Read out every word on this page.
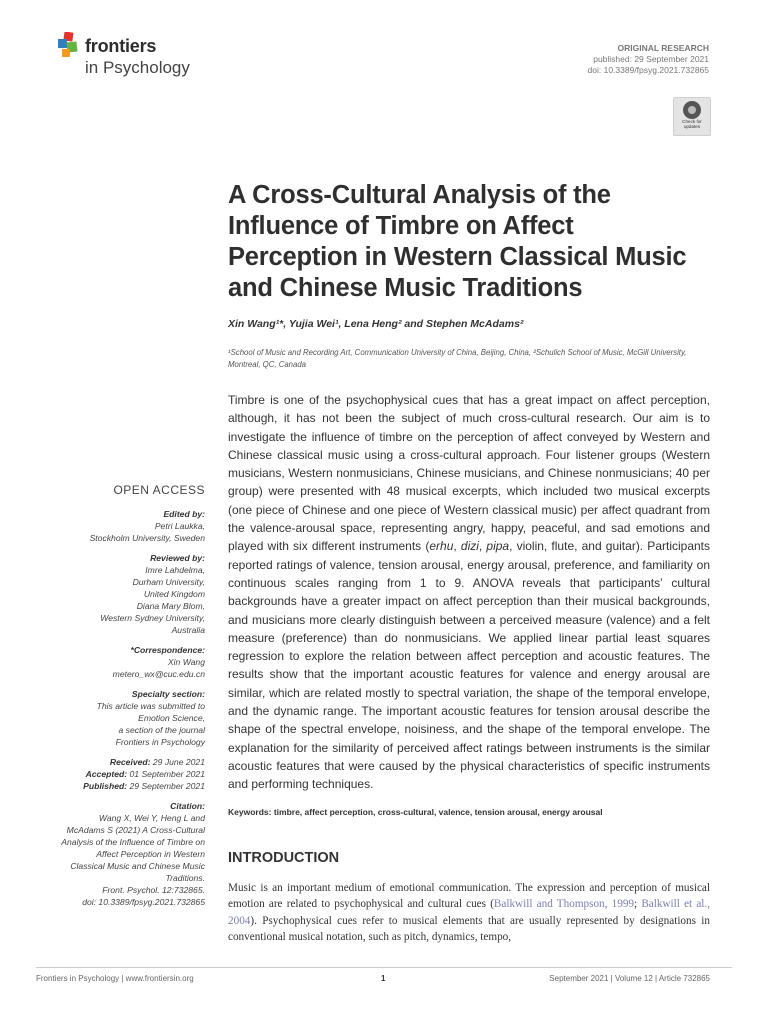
frontiers
in Psychology
ORIGINAL RESEARCH
published: 29 September 2021
doi: 10.3389/fpsyg.2021.732865
Check for updates
A Cross-Cultural Analysis of the Influence of Timbre on Affect Perception in Western Classical Music and Chinese Music Traditions
Xin Wang¹*, Yujia Wei¹, Lena Heng² and Stephen McAdams²
¹School of Music and Recording Art, Communication University of China, Beijing, China, ²Schulich School of Music, McGill University, Montreal, QC, Canada
Timbre is one of the psychophysical cues that has a great impact on affect perception, although, it has not been the subject of much cross-cultural research. Our aim is to investigate the influence of timbre on the perception of affect conveyed by Western and Chinese classical music using a cross-cultural approach. Four listener groups (Western musicians, Western nonmusicians, Chinese musicians, and Chinese nonmusicians; 40 per group) were presented with 48 musical excerpts, which included two musical excerpts (one piece of Chinese and one piece of Western classical music) per affect quadrant from the valence-arousal space, representing angry, happy, peaceful, and sad emotions and played with six different instruments (erhu, dizi, pipa, violin, flute, and guitar). Participants reported ratings of valence, tension arousal, energy arousal, preference, and familiarity on continuous scales ranging from 1 to 9. ANOVA reveals that participants’ cultural backgrounds have a greater impact on affect perception than their musical backgrounds, and musicians more clearly distinguish between a perceived measure (valence) and a felt measure (preference) than do nonmusicians. We applied linear partial least squares regression to explore the relation between affect perception and acoustic features. The results show that the important acoustic features for valence and energy arousal are similar, which are related mostly to spectral variation, the shape of the temporal envelope, and the dynamic range. The important acoustic features for tension arousal describe the shape of the spectral envelope, noisiness, and the shape of the temporal envelope. The explanation for the similarity of perceived affect ratings between instruments is the similar acoustic features that were caused by the physical characteristics of specific instruments and performing techniques.
Keywords: timbre, affect perception, cross-cultural, valence, tension arousal, energy arousal
INTRODUCTION
Music is an important medium of emotional communication. The expression and perception of musical emotion are related to psychophysical and cultural cues (Balkwill and Thompson, 1999; Balkwill et al., 2004). Psychophysical cues refer to musical elements that are usually represented by designations in conventional musical notation, such as pitch, dynamics, tempo,
OPEN ACCESS
Edited by:
Petri Laukka,
Stockholm University, Sweden
Reviewed by:
Imre Lahdelma,
Durham University,
United Kingdom
Diana Mary Blom,
Western Sydney University,
Australia
*Correspondence:
Xin Wang
metero_wx@cuc.edu.cn
Specialty section:
This article was submitted to
Emotion Science,
a section of the journal
Frontiers in Psychology
Received: 29 June 2021
Accepted: 01 September 2021
Published: 29 September 2021
Citation:
Wang X, Wei Y, Heng L and
McAdams S (2021) A Cross-Cultural
Analysis of the Influence of Timbre on
Affect Perception in Western
Classical Music and Chinese Music
Traditions.
Front. Psychol. 12:732865.
doi: 10.3389/fpsyg.2021.732865
Frontiers in Psychology | www.frontiersin.org	1	September 2021 | Volume 12 | Article 732865
